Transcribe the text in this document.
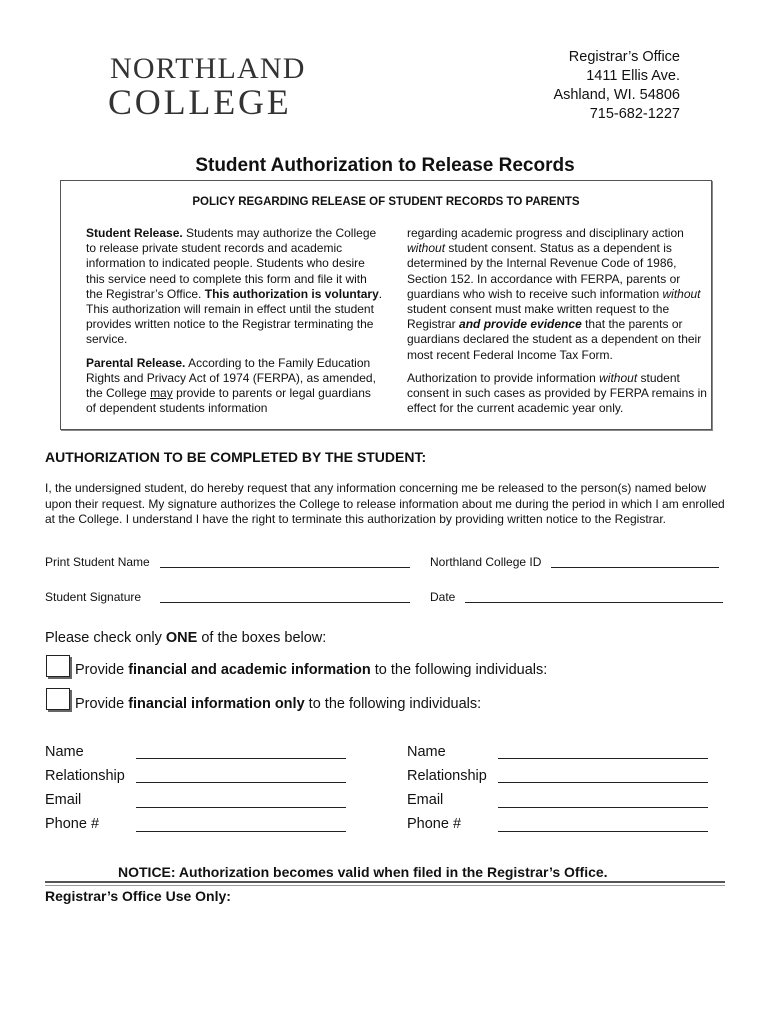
NORTHLAND
COLLEGE
Registrar’s Office
1411 Ellis Ave.
Ashland, WI. 54806
715-682-1227
Student Authorization to Release Records
POLICY REGARDING RELEASE OF STUDENT RECORDS TO PARENTS

Student Release. Students may authorize the College to release private student records and academic information to indicated people. Students who desire this service need to complete this form and file it with the Registrar’s Office. This authorization is voluntary. This authorization will remain in effect until the student provides written notice to the Registrar terminating the service.

Parental Release. According to the Family Education Rights and Privacy Act of 1974 (FERPA), as amended, the College may provide to parents or legal guardians of dependent students information

regarding academic progress and disciplinary action without student consent. Status as a dependent is determined by the Internal Revenue Code of 1986, Section 152. In accordance with FERPA, parents or guardians who wish to receive such information without student consent must make written request to the Registrar and provide evidence that the parents or guardians declared the student as a dependent on their most recent Federal Income Tax Form.

Authorization to provide information without student consent in such cases as provided by FERPA remains in effect for the current academic year only.

AUTHORIZATION TO BE COMPLETED BY THE STUDENT:
I, the undersigned student, do hereby request that any information concerning me be released to the person(s) named below upon their request. My signature authorizes the College to release information about me during the period in which I am enrolled at the College. I understand I have the right to terminate this authorization by providing written notice to the Registrar.
Print Student Name	Northland College ID
Student Signature	Date
Please check only ONE of the boxes below:
Provide financial and academic information to the following individuals:
Provide financial information only to the following individuals:
Name
Relationship
Email
Phone #
Name
Relationship
Email
Phone #
NOTICE: Authorization becomes valid when filed in the Registrar’s Office.
Registrar’s Office Use Only:
